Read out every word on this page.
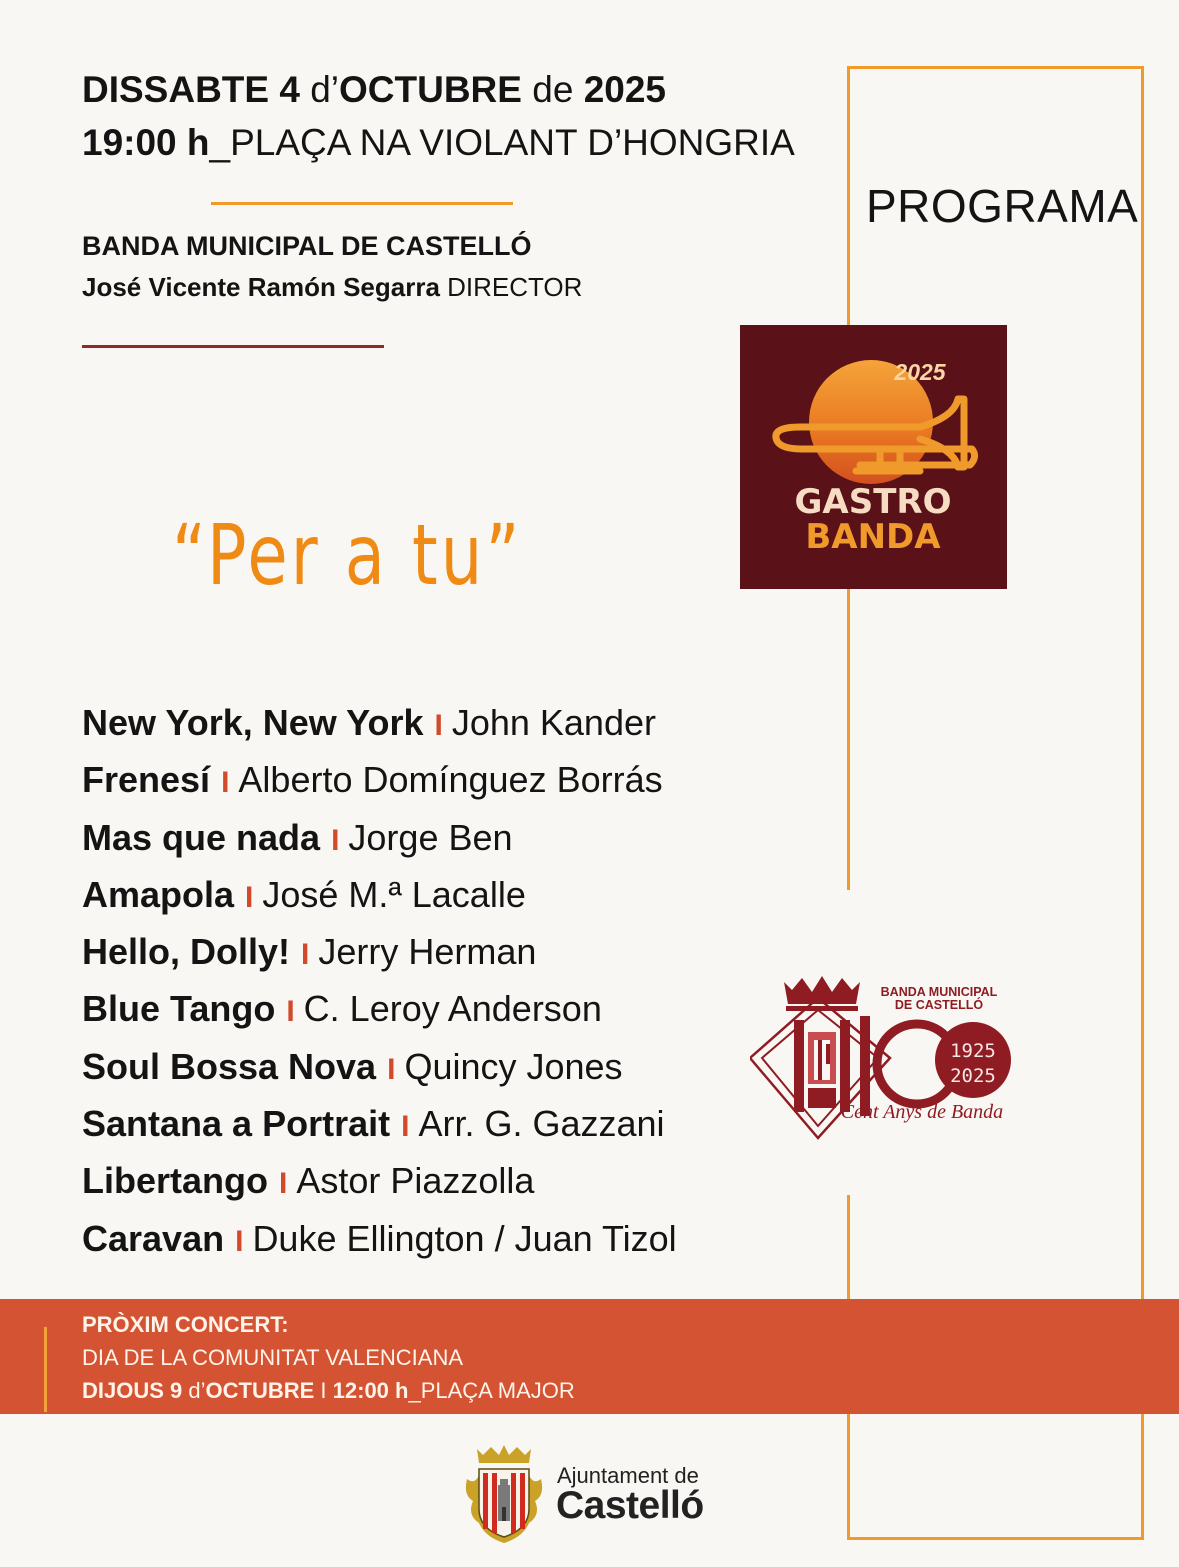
DISSABTE 4 d’OCTUBRE de 2025
19:00 h_PLAÇA NA VIOLANT D’HONGRIA
BANDA MUNICIPAL DE CASTELLÓ
José Vicente Ramón Segarra DIRECTOR
PROGRAMA
2025
GASTRO
BANDA
“Per a tu”
New York, New York I John Kander
Frenesí I Alberto Domínguez Borrás
Mas que nada I Jorge Ben
Amapola I José M.ª Lacalle
Hello, Dolly! I Jerry Herman
Blue Tango I C. Leroy Anderson
Soul Bossa Nova I Quincy Jones
Santana a Portrait I Arr. G. Gazzani
Libertango I Astor Piazzolla
Caravan I Duke Ellington / Juan Tizol
1925
2025
BANDA MUNICIPAL
DE CASTELLÓ
Cent Anys de Banda
PRÒXIM CONCERT:
DIA DE LA COMUNITAT VALENCIANA
DIJOUS 9 d’OCTUBRE I 12:00 h_PLAÇA MAJOR
Ajuntament de
Castelló
